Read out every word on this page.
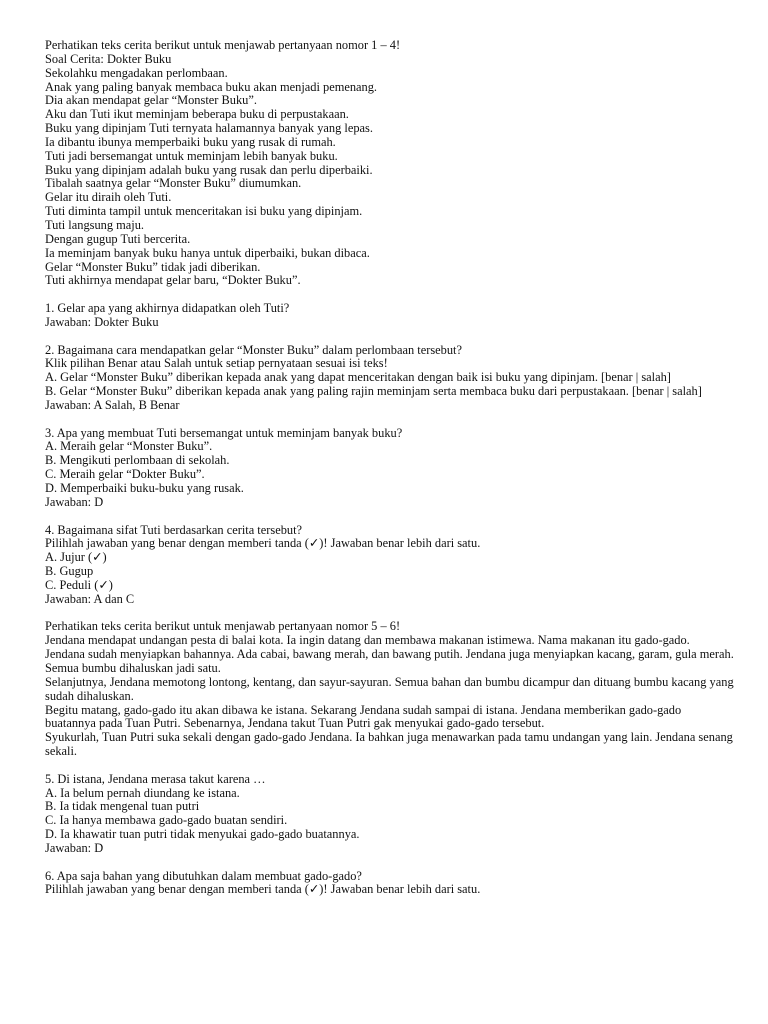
Perhatikan teks cerita berikut untuk menjawab pertanyaan nomor 1 – 4!
Soal Cerita: Dokter Buku
Sekolahku mengadakan perlombaan.
Anak yang paling banyak membaca buku akan menjadi pemenang.
Dia akan mendapat gelar “Monster Buku”.
Aku dan Tuti ikut meminjam beberapa buku di perpustakaan.
Buku yang dipinjam Tuti ternyata halamannya banyak yang lepas.
Ia dibantu ibunya memperbaiki buku yang rusak di rumah.
Tuti jadi bersemangat untuk meminjam lebih banyak buku.
Buku yang dipinjam adalah buku yang rusak dan perlu diperbaiki.
Tibalah saatnya gelar “Monster Buku” diumumkan.
Gelar itu diraih oleh Tuti.
Tuti diminta tampil untuk menceritakan isi buku yang dipinjam.
Tuti langsung maju.
Dengan gugup Tuti bercerita.
Ia meminjam banyak buku hanya untuk diperbaiki, bukan dibaca.
Gelar “Monster Buku” tidak jadi diberikan.
Tuti akhirnya mendapat gelar baru, “Dokter Buku”.
1. Gelar apa yang akhirnya didapatkan oleh Tuti?
Jawaban: Dokter Buku
2. Bagaimana cara mendapatkan gelar “Monster Buku” dalam perlombaan tersebut?
Klik pilihan Benar atau Salah untuk setiap pernyataan sesuai isi teks!
A. Gelar “Monster Buku” diberikan kepada anak yang dapat menceritakan dengan baik isi buku yang dipinjam. [benar | salah]
B. Gelar “Monster Buku” diberikan kepada anak yang paling rajin meminjam serta membaca buku dari perpustakaan. [benar | salah]
Jawaban: A Salah, B Benar
3. Apa yang membuat Tuti bersemangat untuk meminjam banyak buku?
A. Meraih gelar “Monster Buku”.
B. Mengikuti perlombaan di sekolah.
C. Meraih gelar “Dokter Buku”.
D. Memperbaiki buku-buku yang rusak.
Jawaban: D
4. Bagaimana sifat Tuti berdasarkan cerita tersebut?
Pilihlah jawaban yang benar dengan memberi tanda (✓)! Jawaban benar lebih dari satu.
A. Jujur (✓)
B. Gugup
C. Peduli (✓)
Jawaban: A dan C
Perhatikan teks cerita berikut untuk menjawab pertanyaan nomor 5 – 6!
Jendana mendapat undangan pesta di balai kota. Ia ingin datang dan membawa makanan istimewa. Nama makanan itu gado-gado.
Jendana sudah menyiapkan bahannya. Ada cabai, bawang merah, dan bawang putih. Jendana juga menyiapkan kacang, garam, gula merah. Semua bumbu dihaluskan jadi satu.
Selanjutnya, Jendana memotong lontong, kentang, dan sayur-sayuran. Semua bahan dan bumbu dicampur dan dituang bumbu kacang yang sudah dihaluskan.
Begitu matang, gado-gado itu akan dibawa ke istana. Sekarang Jendana sudah sampai di istana. Jendana memberikan gado-gado buatannya pada Tuan Putri. Sebenarnya, Jendana takut Tuan Putri gak menyukai gado-gado tersebut.
Syukurlah, Tuan Putri suka sekali dengan gado-gado Jendana. Ia bahkan juga menawarkan pada tamu undangan yang lain. Jendana senang sekali.
5. Di istana, Jendana merasa takut karena …
A. Ia belum pernah diundang ke istana.
B. Ia tidak mengenal tuan putri
C. Ia hanya membawa gado-gado buatan sendiri.
D. Ia khawatir tuan putri tidak menyukai gado-gado buatannya.
Jawaban: D
6. Apa saja bahan yang dibutuhkan dalam membuat gado-gado?
Pilihlah jawaban yang benar dengan memberi tanda (✓)! Jawaban benar lebih dari satu.
